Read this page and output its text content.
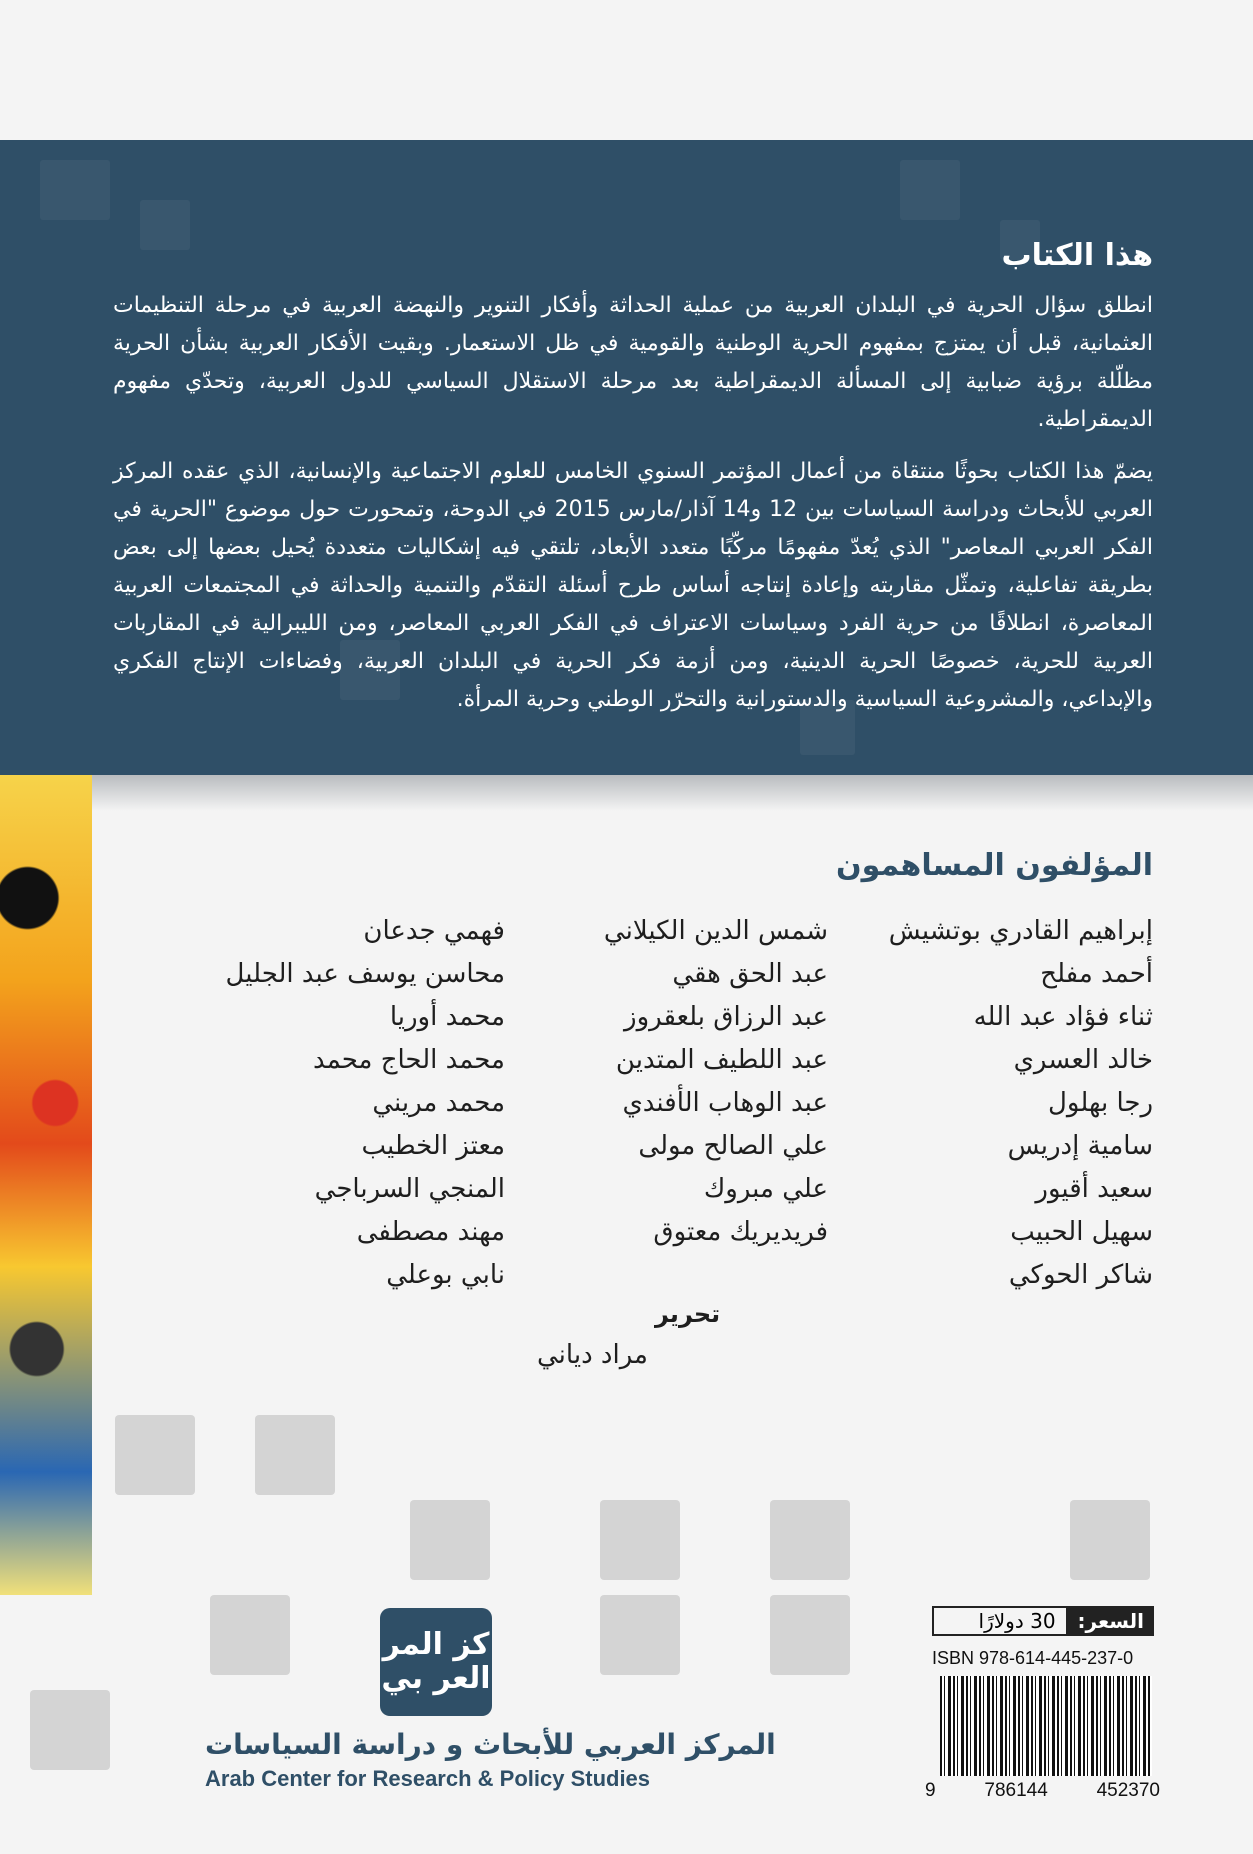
هذا الكتاب

انطلق سؤال الحرية في البلدان العربية من عملية الحداثة وأفكار التنوير والنهضة العربية في مرحلة التنظيمات العثمانية، قبل أن يمتزج بمفهوم الحرية الوطنية والقومية في ظل الاستعمار. وبقيت الأفكار العربية بشأن الحرية مظلّلة برؤية ضبابية إلى المسألة الديمقراطية بعد مرحلة الاستقلال السياسي للدول العربية، وتحدّي مفهوم الديمقراطية.

يضمّ هذا الكتاب بحوثًا منتقاة من أعمال المؤتمر السنوي الخامس للعلوم الاجتماعية والإنسانية، الذي عقده المركز العربي للأبحاث ودراسة السياسات بين 12 و14 آذار/مارس 2015 في الدوحة، وتمحورت حول موضوع "الحرية في الفكر العربي المعاصر" الذي يُعدّ مفهومًا مركّبًا متعدد الأبعاد، تلتقي فيه إشكاليات متعددة يُحيل بعضها إلى بعض بطريقة تفاعلية، وتمثّل مقاربته وإعادة إنتاجه أساس طرح أسئلة التقدّم والتنمية والحداثة في المجتمعات العربية المعاصرة، انطلاقًا من حرية الفرد وسياسات الاعتراف في الفكر العربي المعاصر، ومن الليبرالية في المقاربات العربية للحرية، خصوصًا الحرية الدينية، ومن أزمة فكر الحرية في البلدان العربية، وفضاءات الإنتاج الفكري والإبداعي، والمشروعية السياسية والدستورانية والتحرّر الوطني وحرية المرأة.

المؤلفون المساهمون
إبراهيم القادري بوتشيش
أحمد مفلح
ثناء فؤاد عبد الله
خالد العسري
رجا بهلول
سامية إدريس
سعيد أقيور
سهيل الحبيب
شاكر الحوكي
شمس الدين الكيلاني
عبد الحق هقي
عبد الرزاق بلعقروز
عبد اللطيف المتدين
عبد الوهاب الأفندي
علي الصالح مولى
علي مبروك
فريديريك معتوق
فهمي جدعان
محاسن يوسف عبد الجليل
محمد أوريا
محمد الحاج محمد
محمد مريني
معتز الخطيب
المنجي السرباجي
مهند مصطفى
نابي بوعلي
تحرير
مراد دياني
كز المر العر بي
المركز العربي للأبحاث و دراسة السياسات
Arab Center for Research & Policy Studies
السعر:
30 دولارًا
ISBN 978-614-445-237-0
9	786144	452370
